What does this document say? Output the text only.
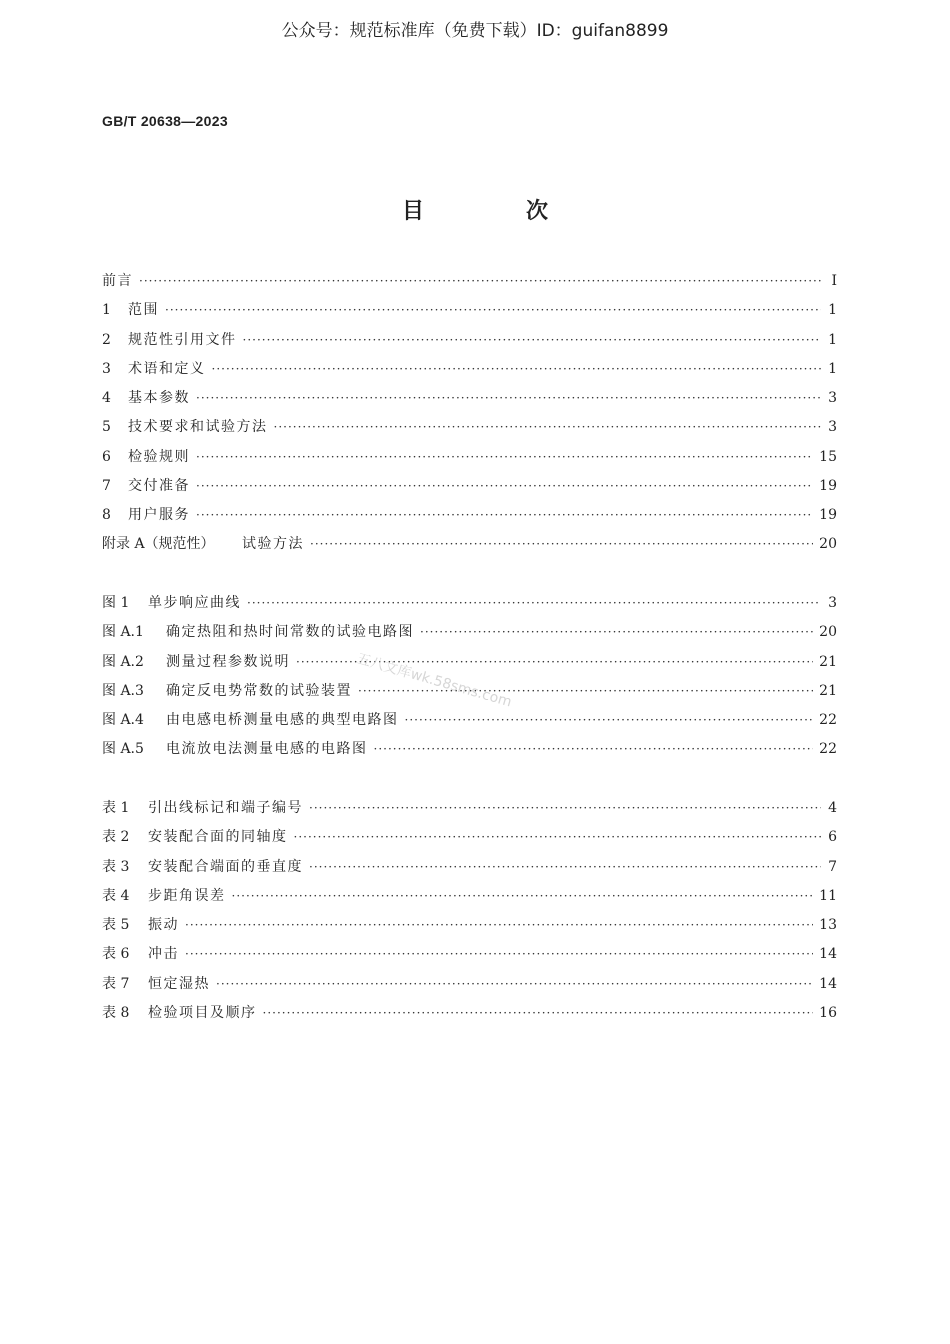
公众号：规范标准库（免费下载）ID：guifan8899
GB/T 20638—2023
目　次
前言 ·····	Ⅰ
1	范围 ·····	1
2	规范性引用文件 ·····	1
3	术语和定义 ·····	1
4	基本参数 ·····	3
5	技术要求和试验方法 ·····	3
6	检验规则 ·····	15
7	交付准备 ·····	19
8	用户服务 ·····	19
附录 A（规范性）	试验方法 ·····	20
图 1	单步响应曲线 ·····	3
图 A.1	确定热阻和热时间常数的试验电路图 ·····	20
图 A.2	测量过程参数说明 ·····	21
图 A.3	确定反电势常数的试验装置 ·····	21
图 A.4	由电感电桥测量电感的典型电路图 ·····	22
图 A.5	电流放电法测量电感的电路图 ·····	22
表 1	引出线标记和端子编号 ·····	4
表 2	安装配合面的同轴度 ·····	6
表 3	安装配合端面的垂直度 ·····	7
表 4	步距角误差 ·····	11
表 5	振动 ·····	13
表 6	冲击 ·····	14
表 7	恒定湿热 ·····	14
表 8	检验项目及顺序 ·····	16
五八文库wk.58sms.com
